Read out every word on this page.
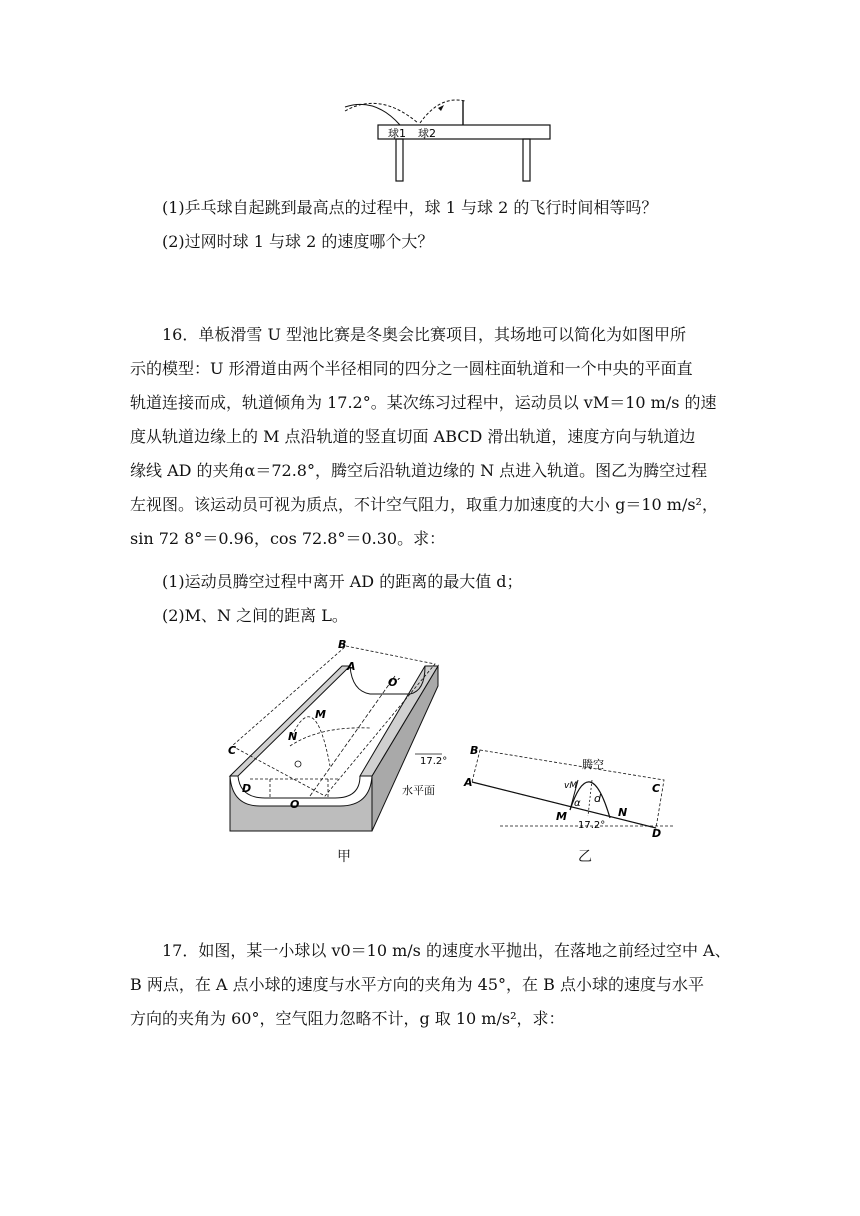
球1 球2

(1)乒乓球自起跳到最高点的过程中，球 1 与球 2 的飞行时间相等吗？

(2)过网时球 1 与球 2 的速度哪个大？

16．单板滑雪 U 型池比赛是冬奥会比赛项目，其场地可以简化为如图甲所

示的模型：U 形滑道由两个半径相同的四分之一圆柱面轨道和一个中央的平面直

轨道连接而成，轨道倾角为 17.2°。某次练习过程中，运动员以 vM＝10 m/s 的速

度从轨道边缘上的 M 点沿轨道的竖直切面 ABCD 滑出轨道，速度方向与轨道边

缘线 AD 的夹角α＝72.8°，腾空后沿轨道边缘的 N 点进入轨道。图乙为腾空过程

左视图。该运动员可视为质点，不计空气阻力，取重力加速度的大小 g＝10 m/s²，

sin 72 8°＝0.96，cos 72.8°＝0.30。求：

(1)运动员腾空过程中离开 AD 的距离的最大值 d；

(2)M、N 之间的距离 L。

B
A
O′
M
N
C
D
O
17.2°
水平面
甲
腾空
B
A	C
D
M	N
vM
α d
17.2°
乙

17．如图，某一小球以 v0＝10 m/s 的速度水平抛出，在落地之前经过空中 A、

B 两点，在 A 点小球的速度与水平方向的夹角为 45°，在 B 点小球的速度与水平

方向的夹角为 60°，空气阻力忽略不计，g 取 10 m/s²，求：
